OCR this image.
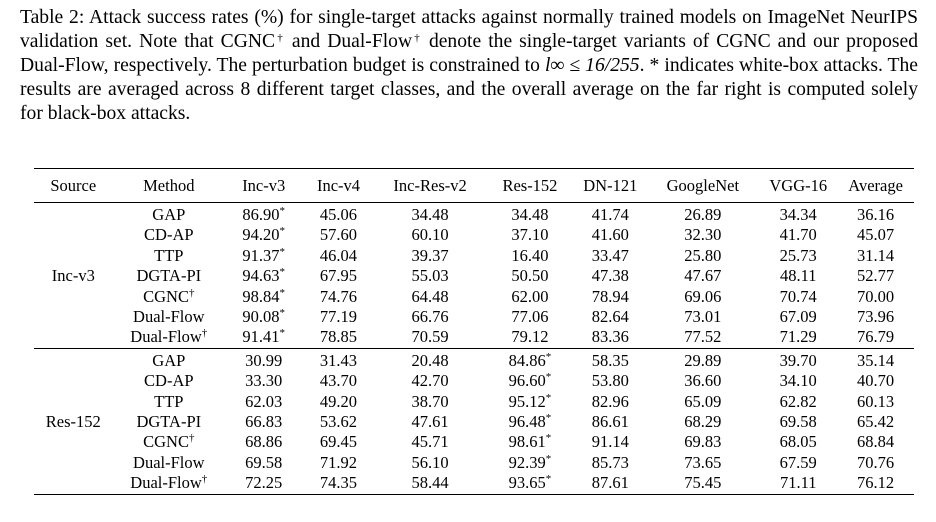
Table 2: Attack success rates (%) for single-target attacks against normally trained models on ImageNet NeurIPS validation set. Note that CGNC† and Dual-Flow† denote the single-target variants of CGNC and our proposed Dual-Flow, respectively. The perturbation budget is constrained to l∞ ≤ 16/255. * indicates white-box attacks. The results are averaged across 8 different target classes, and the overall average on the far right is computed solely for black-box attacks.
Source	Method	Inc-v3	Inc-v4	Inc-Res-v2	Res-152	DN-121	GoogleNet	VGG-16	Average
Inc-v3	GAP	86.90*	45.06	34.48	34.48	41.74	26.89	34.34	36.16
	CD-AP	94.20*	57.60	60.10	37.10	41.60	32.30	41.70	45.07
	TTP	91.37*	46.04	39.37	16.40	33.47	25.80	25.73	31.14
	DGTA-PI	94.63*	67.95	55.03	50.50	47.38	47.67	48.11	52.77
	CGNC†	98.84*	74.76	64.48	62.00	78.94	69.06	70.74	70.00
	Dual-Flow	90.08*	77.19	66.76	77.06	82.64	73.01	67.09	73.96
	Dual-Flow†	91.41*	78.85	70.59	79.12	83.36	77.52	71.29	76.79
Res-152	GAP	30.99	31.43	20.48	84.86*	58.35	29.89	39.70	35.14
	CD-AP	33.30	43.70	42.70	96.60*	53.80	36.60	34.10	40.70
	TTP	62.03	49.20	38.70	95.12*	82.96	65.09	62.82	60.13
	DGTA-PI	66.83	53.62	47.61	96.48*	86.61	68.29	69.58	65.42
	CGNC†	68.86	69.45	45.71	98.61*	91.14	69.83	68.05	68.84
	Dual-Flow	69.58	71.92	56.10	92.39*	85.73	73.65	67.59	70.76
	Dual-Flow†	72.25	74.35	58.44	93.65*	87.61	75.45	71.11	76.12
